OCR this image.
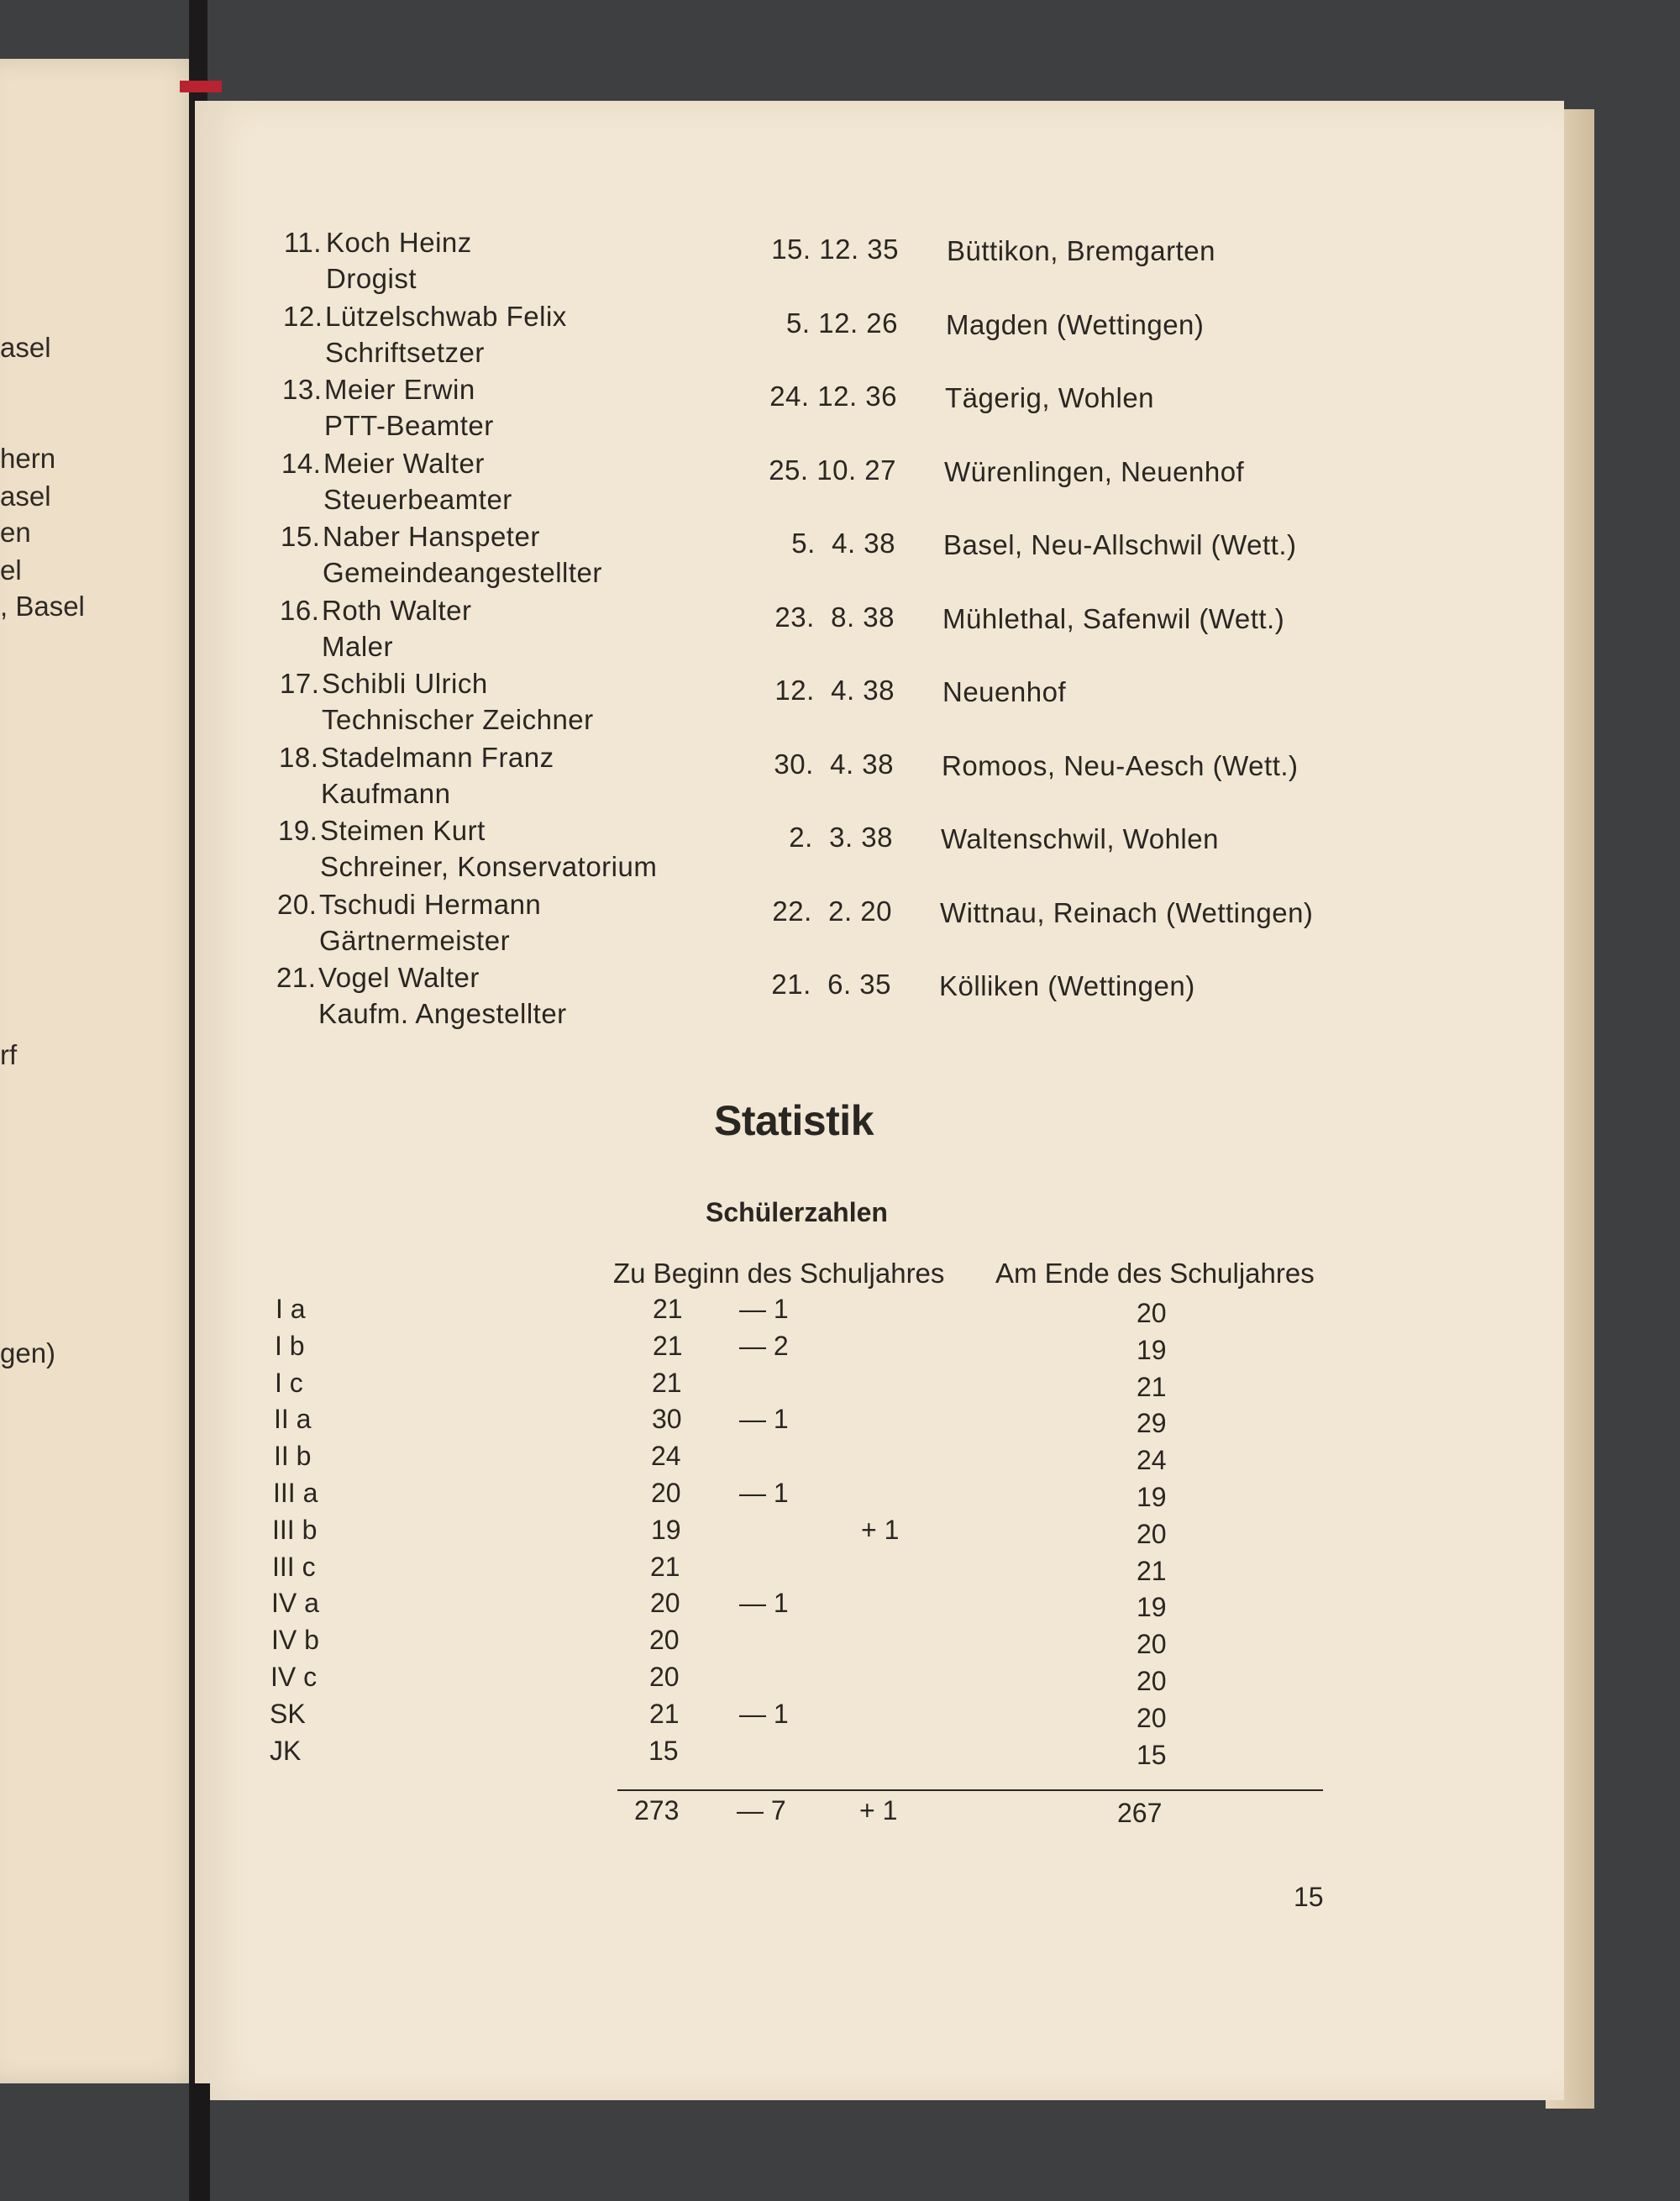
asel
hern
asel
en
el
, Basel
rf
gen)
11. Koch Heinz
Drogist
15. 12. 35 Büttikon, Bremgarten
12. Lützelschwab Felix
Schriftsetzer
5. 12. 26 Magden (Wettingen)
13. Meier Erwin
PTT-Beamter
24. 12. 36 Tägerig, Wohlen
14. Meier Walter
Steuerbeamter
25. 10. 27 Würenlingen, Neuenhof
15. Naber Hanspeter
Gemeindeangestellter
5.  4. 38 Basel, Neu-Allschwil (Wett.)
16. Roth Walter
Maler
23.  8. 38 Mühlethal, Safenwil (Wett.)
17. Schibli Ulrich
Technischer Zeichner
12.  4. 38 Neuenhof
18. Stadelmann Franz
Kaufmann
30.  4. 38 Romoos, Neu-Aesch (Wett.)
19. Steimen Kurt
Schreiner, Konservatorium
2.  3. 38 Waltenschwil, Wohlen
20. Tschudi Hermann
Gärtnermeister
22.  2. 20 Wittnau, Reinach (Wettingen)
21. Vogel Walter
Kaufm. Angestellter
21.  6. 35 Kölliken (Wettingen)
Statistik
Schülerzahlen
Zu Beginn des Schuljahres Am Ende des Schuljahres
I a	21 — 1	20
I b	21 — 2	19
I c	21	21
II a	30 — 1	29
II b	24	24
III a	20 — 1	19
III b	19	+ 1	20
III c	21	21
IV a	20 — 1	19
IV b	20	20
IV c	20	20
SK	21 — 1	20
JK	15	15
273 — 7	+ 1	267
15
